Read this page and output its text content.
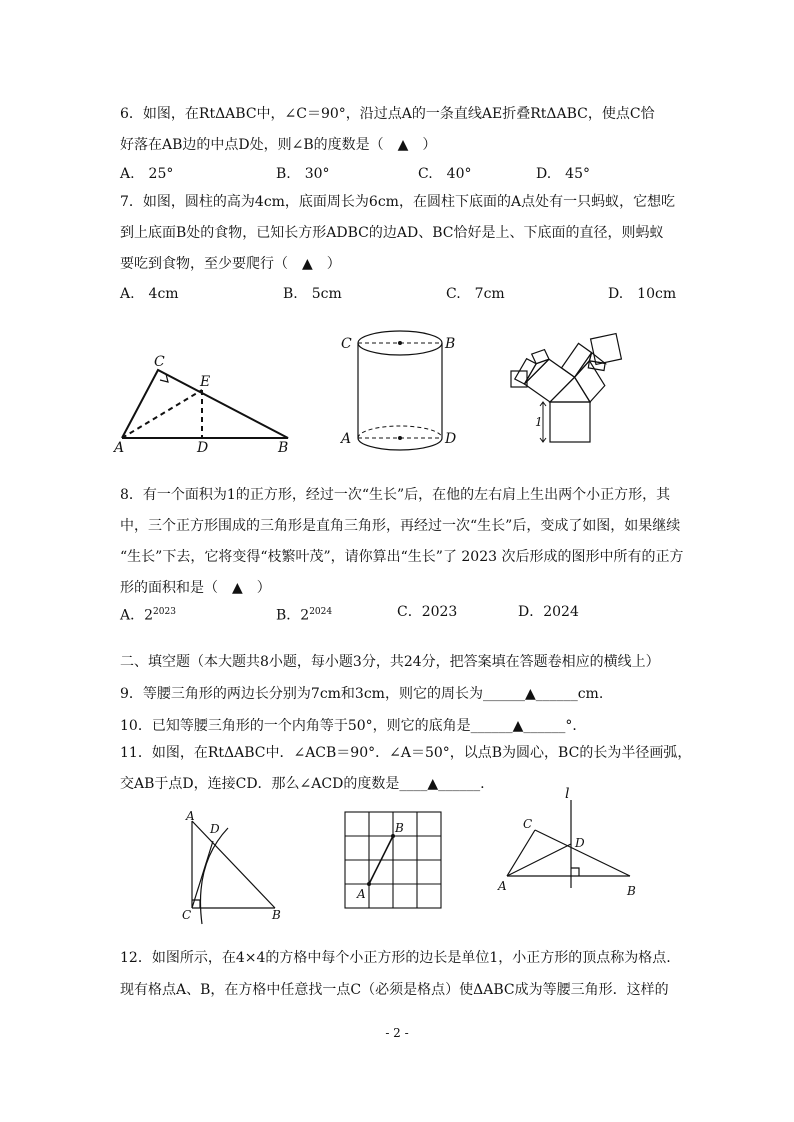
6．如图，在RtΔABC中，∠C＝90°，沿过点A的一条直线AE折叠RtΔABC，使点C恰
好落在AB边的中点D处，则∠B的度数是（　▲　）
A.　25°	B.　30°	C.　40°	D.　45°
7．如图，圆柱的高为4cm，底面周长为6cm，在圆柱下底面的A点处有一只蚂蚁，它想吃
到上底面B处的食物，已知长方形ADBC的边AD、BC恰好是上、下底面的直径，则蚂蚁
要吃到食物，至少要爬行（　▲　）
A.　4cm	B.　5cm	C.　7cm	D.　10cm
C
E
A	D	B
C	B
A	D
1
8．有一个面积为1的正方形，经过一次“生长”后，在他的左右肩上生出两个小正方形，其
中，三个正方形围成的三角形是直角三角形，再经过一次“生长”后，变成了如图，如果继续
“生长”下去，它将变得“枝繁叶茂”，请你算出“生长”了 2023 次后形成的图形中所有的正方
形的面积和是（　▲　）
A．$2^{2023}$	B．$2^{2024}$	C．2023	D．2024
二、填空题（本大题共8小题，每小题3分，共24分，把答案填在答题卷相应的横线上）
9．等腰三角形的两边长分别为7cm和3cm，则它的周长为______▲______cm.
10．已知等腰三角形的一个内角等于50°，则它的底角是______▲______°．
11．如图，在RtΔABC中．∠ACB＝90°．∠A＝50°，以点B为圆心，BC的长为半径画弧，
交AB于点D，连接CD．那么∠ACD的度数是____▲______.
A
D
C	B
B
A
l
C
D
A	B
12．如图所示，在4×4的方格中每个小正方形的边长是单位1，小正方形的顶点称为格点.
现有格点A、B，在方格中任意找一点C（必须是格点）使ΔABC成为等腰三角形．这样的
- 2 -
